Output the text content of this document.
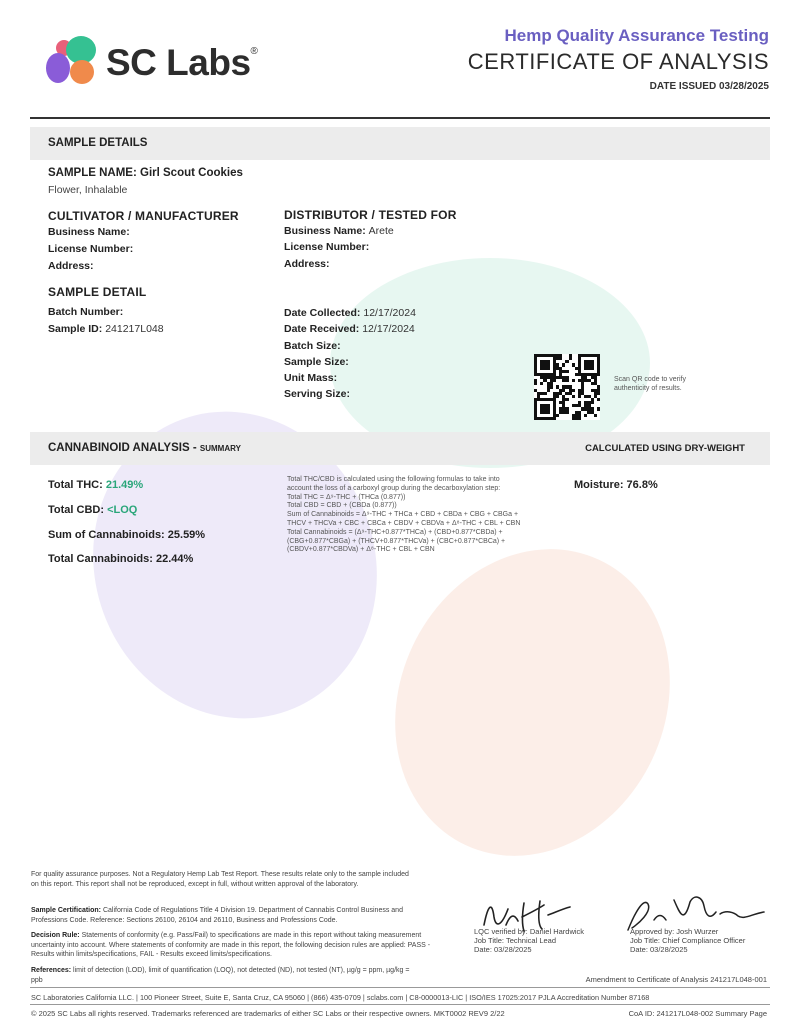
SC Labs®
Hemp Quality Assurance Testing
CERTIFICATE OF ANALYSIS
DATE ISSUED 03/28/2025
SAMPLE DETAILS
SAMPLE NAME: Girl Scout Cookies
Flower, Inhalable
CULTIVATOR / MANUFACTURER
Business Name:
License Number:
Address:
DISTRIBUTOR / TESTED FOR
Business Name: Arete
License Number:
Address:
SAMPLE DETAIL
Batch Number:
Sample ID: 241217L048
Date Collected: 12/17/2024
Date Received: 12/17/2024
Batch Size:
Sample Size:
Unit Mass:
Serving Size:
Scan QR code to verify
authenticity of results.
CANNABINOID ANALYSIS - SUMMARY	CALCULATED USING DRY-WEIGHT
Total THC: 21.49%
Total CBD: <LOQ
Sum of Cannabinoids: 25.59%
Total Cannabinoids: 22.44%
Total THC/CBD is calculated using the following formulas to take into
account the loss of a carboxyl group during the decarboxylation step:
Total THC = Δ⁹-THC + (THCa (0.877))
Total CBD = CBD + (CBDa (0.877))
Sum of Cannabinoids = Δ⁹-THC + THCa + CBD + CBDa + CBG + CBGa +
THCV + THCVa + CBC + CBCa + CBDV + CBDVa + Δ⁸-THC + CBL + CBN
Total Cannabinoids = (Δ⁹-THC+0.877*THCa) + (CBD+0.877*CBDa) +
(CBG+0.877*CBGa) + (THCV+0.877*THCVa) + (CBC+0.877*CBCa) +
(CBDV+0.877*CBDVa) + Δ⁸-THC + CBL + CBN
Moisture: 76.8%
For quality assurance purposes. Not a Regulatory Hemp Lab Test Report. These results relate only to the sample included on this report. This report shall not be reproduced, except in full, without written approval of the laboratory.
Sample Certification: California Code of Regulations Title 4 Division 19. Department of Cannabis Control Business and Professions Code. Reference: Sections 26100, 26104 and 26110, Business and Professions Code.
Decision Rule: Statements of conformity (e.g. Pass/Fail) to specifications are made in this report without taking measurement uncertainty into account. Where statements of conformity are made in this report, the following decision rules are applied: PASS - Results within limits/specifications, FAIL - Results exceed limits/specifications.
References: limit of detection (LOD), limit of quantification (LOQ), not detected (ND), not tested (NT), µg/g = ppm, µg/kg = ppb
LQC verified by: Daniel Hardwick
Job Title: Technical Lead
Date: 03/28/2025
Approved by: Josh Wurzer
Job Title: Chief Compliance Officer
Date: 03/28/2025
Amendment to Certificate of Analysis 241217L048-001
SC Laboratories California LLC. | 100 Pioneer Street, Suite E, Santa Cruz, CA 95060 | (866) 435-0709 | sclabs.com | C8-0000013-LIC | ISO/IES 17025:2017 PJLA Accreditation Number 87168
© 2025 SC Labs all rights reserved. Trademarks referenced are trademarks of either SC Labs or their respective owners. MKT0002 REV9 2/22	CoA ID: 241217L048-002 Summary Page
